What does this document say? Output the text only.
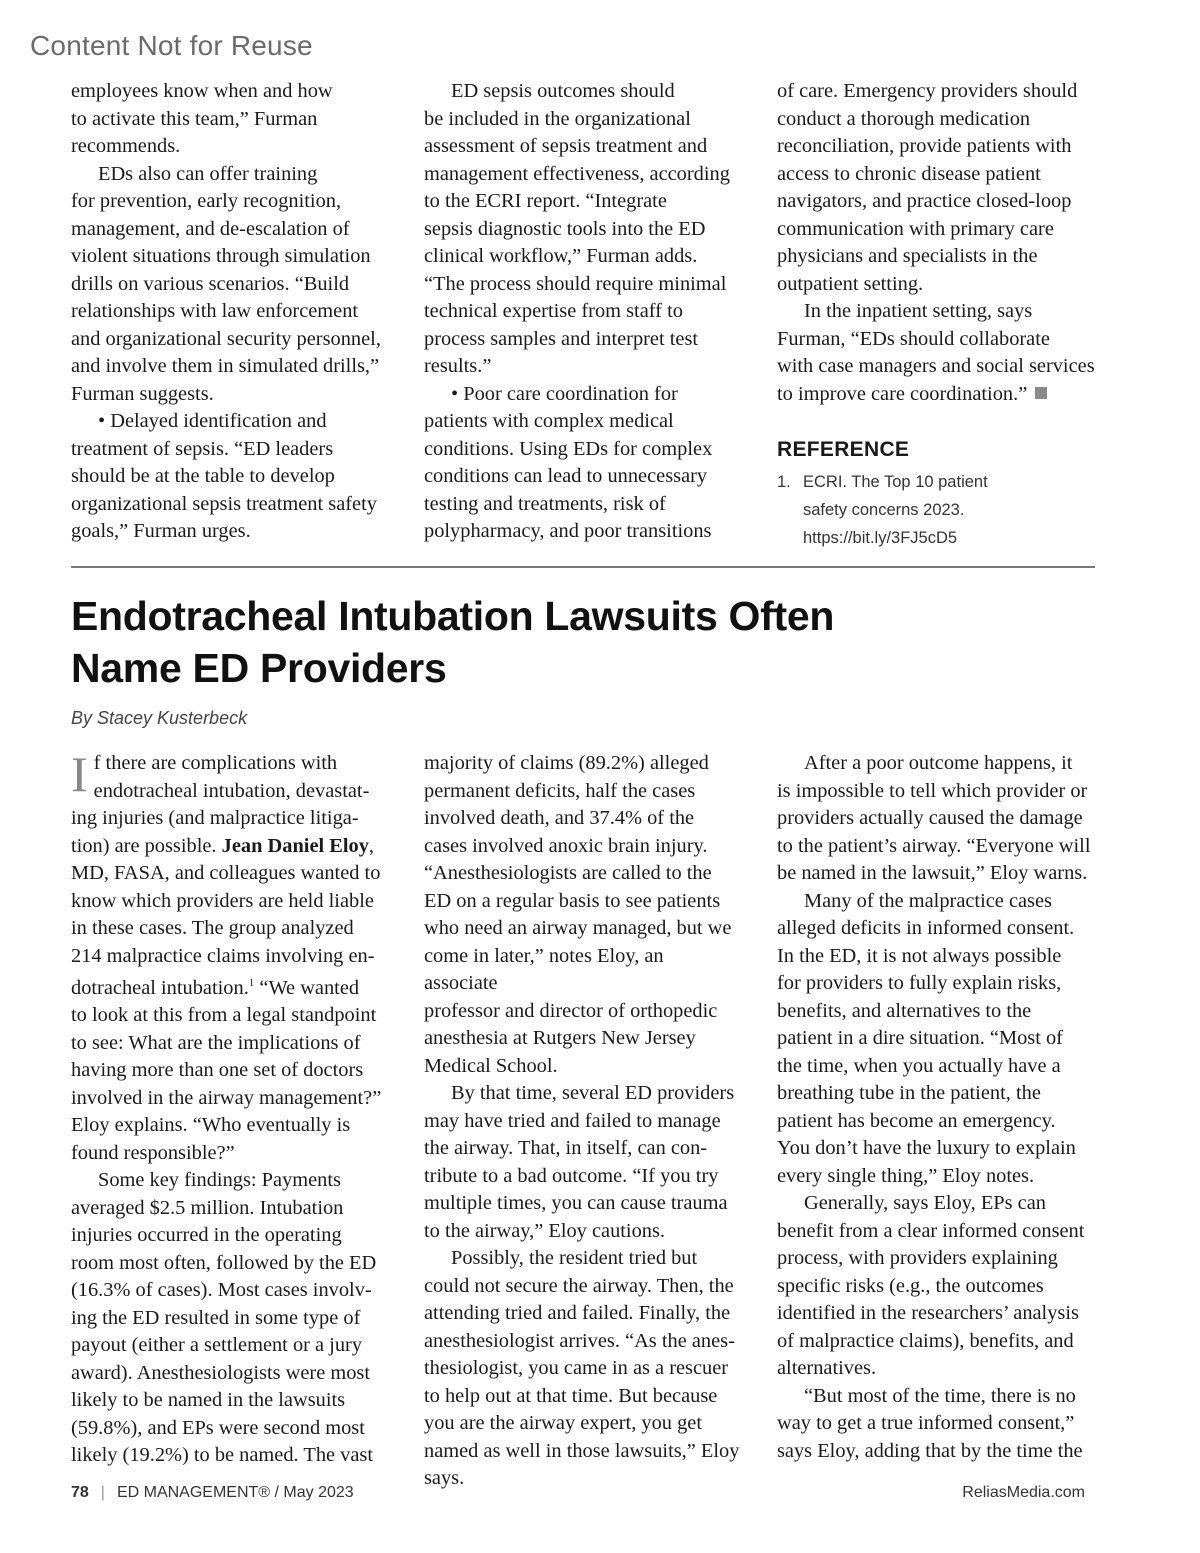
Content Not for Reuse

employees know when and how
to activate this team,” Furman
recommends.

EDs also can offer training
for prevention, early recognition,
management, and de-escalation of
violent situations through simulation
drills on various scenarios. “Build
relationships with law enforcement
and organizational security personnel,
and involve them in simulated drills,”
Furman suggests.

• Delayed identification and
treatment of sepsis. “ED leaders
should be at the table to develop
organizational sepsis treatment safety
goals,” Furman urges.

ED sepsis outcomes should
be included in the organizational
assessment of sepsis treatment and
management effectiveness, according
to the ECRI report. “Integrate
sepsis diagnostic tools into the ED
clinical workflow,” Furman adds.
“The process should require minimal
technical expertise from staff to
process samples and interpret test
results.”

• Poor care coordination for
patients with complex medical
conditions. Using EDs for complex
conditions can lead to unnecessary
testing and treatments, risk of
polypharmacy, and poor transitions

of care. Emergency providers should
conduct a thorough medication
reconciliation, provide patients with
access to chronic disease patient
navigators, and practice closed-loop
communication with primary care
physicians and specialists in the
outpatient setting.

In the inpatient setting, says
Furman, “EDs should collaborate
with case managers and social services
to improve care coordination.”

REFERENCE
1. ECRI. The Top 10 patient
safety concerns 2023.
https://bit.ly/3FJ5cD5
Endotracheal Intubation Lawsuits Often
Name ED Providers
By Stacey Kusterbeck

If there are complications with
endotracheal intubation, devastat-
ing injuries (and malpractice litiga-
tion) are possible. Jean Daniel Eloy,
MD, FASA, and colleagues wanted to
know which providers are held liable
in these cases. The group analyzed
214 malpractice claims involving en-
dotracheal intubation.$^1$ “We wanted
to look at this from a legal standpoint
to see: What are the implications of
having more than one set of doctors
involved in the airway management?”
Eloy explains. “Who eventually is
found responsible?”

Some key findings: Payments
averaged $2.5 million. Intubation
injuries occurred in the operating
room most often, followed by the ED
(16.3% of cases). Most cases involv-
ing the ED resulted in some type of
payout (either a settlement or a jury
award). Anesthesiologists were most
likely to be named in the lawsuits
(59.8%), and EPs were second most
likely (19.2%) to be named. The vast

majority of claims (89.2%) alleged
permanent deficits, half the cases
involved death, and 37.4% of the
cases involved anoxic brain injury.
“Anesthesiologists are called to the
ED on a regular basis to see patients
who need an airway managed, but we
come in later,” notes Eloy, an associate
professor and director of orthopedic
anesthesia at Rutgers New Jersey
Medical School.

By that time, several ED providers
may have tried and failed to manage
the airway. That, in itself, can con-
tribute to a bad outcome. “If you try
multiple times, you can cause trauma
to the airway,” Eloy cautions.

Possibly, the resident tried but
could not secure the airway. Then, the
attending tried and failed. Finally, the
anesthesiologist arrives. “As the anes-
thesiologist, you came in as a rescuer
to help out at that time. But because
you are the airway expert, you get
named as well in those lawsuits,” Eloy
says.

After a poor outcome happens, it
is impossible to tell which provider or
providers actually caused the damage
to the patient’s airway. “Everyone will
be named in the lawsuit,” Eloy warns.

Many of the malpractice cases
alleged deficits in informed consent.
In the ED, it is not always possible
for providers to fully explain risks,
benefits, and alternatives to the
patient in a dire situation. “Most of
the time, when you actually have a
breathing tube in the patient, the
patient has become an emergency.
You don’t have the luxury to explain
every single thing,” Eloy notes.

Generally, says Eloy, EPs can
benefit from a clear informed consent
process, with providers explaining
specific risks (e.g., the outcomes
identified in the researchers’ analysis
of malpractice claims), benefits, and
alternatives.

“But most of the time, there is no
way to get a true informed consent,”
says Eloy, adding that by the time the

78 | ED MANAGEMENT® / May 2023	ReliasMedia.com
